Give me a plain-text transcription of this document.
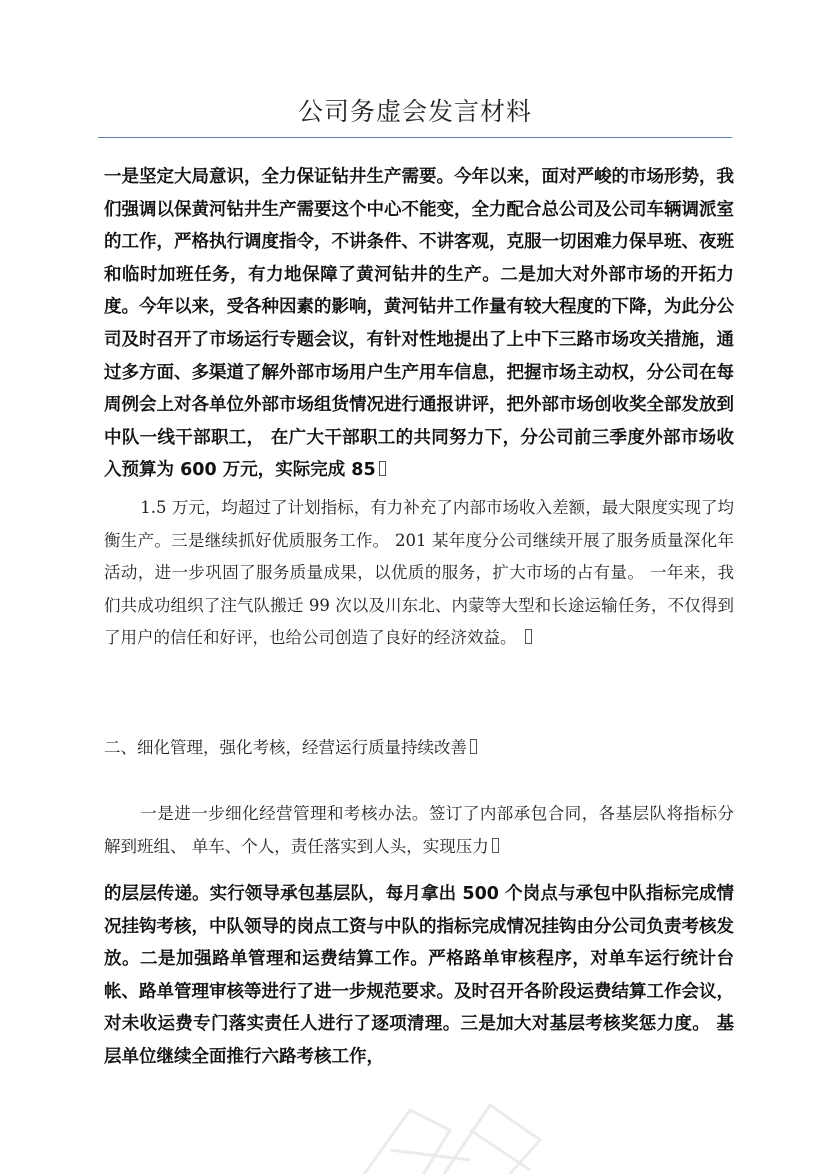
公司务虚会发言材料

一是坚定大局意识，全力保证钻井生产需要。今年以来，面对严峻的市场形势，我们强调以保黄河钻井生产需要这个中心不能变，全力配合总公司及公司车辆调派室的工作，严格执行调度指令，不讲条件、不讲客观，克服一切困难力保早班、夜班和临时加班任务，有力地保障了黄河钻井的生产。二是加大对外部市场的开拓力度。今年以来，受各种因素的影响，黄河钻井工作量有较大程度的下降，为此分公司及时召开了市场运行专题会议，有针对性地提出了上中下三路市场攻关措施，通过多方面、多渠道了解外部市场用户生产用车信息，把握市场主动权，分公司在每周例会上对各单位外部市场组货情况进行通报讲评，把外部市场创收奖全部发放到中队一线干部职工， 在广大干部职工的共同努力下，分公司前三季度外部市场收入预算为 600 万元，实际完成 85

1.5 万元，均超过了计划指标，有力补充了内部市场收入差额，最大限度实现了均衡生产。三是继续抓好优质服务工作。 201 某年度分公司继续开展了服务质量深化年活动，进一步巩固了服务质量成果，以优质的服务，扩大市场的占有量。 一年来，我们共成功组织了注气队搬迁 99 次以及川东北、内蒙等大型和长途运输任务，不仅得到了用户的信任和好评，也给公司创造了良好的经济效益。

二、细化管理，强化考核，经营运行质量持续改善

一是进一步细化经营管理和考核办法。签订了内部承包合同，各基层队将指标分解到班组、 单车、个人，责任落实到人头，实现压力

的层层传递。实行领导承包基层队，每月拿出 500 个岗点与承包中队指标完成情况挂钩考核，中队领导的岗点工资与中队的指标完成情况挂钩由分公司负责考核发放。二是加强路单管理和运费结算工作。严格路单审核程序，对单车运行统计台帐、路单管理审核等进行了进一步规范要求。及时召开各阶段运费结算工作会议，对未收运费专门落实责任人进行了逐项清理。三是加大对基层考核奖惩力度。 基层单位继续全面推行六路考核工作，
